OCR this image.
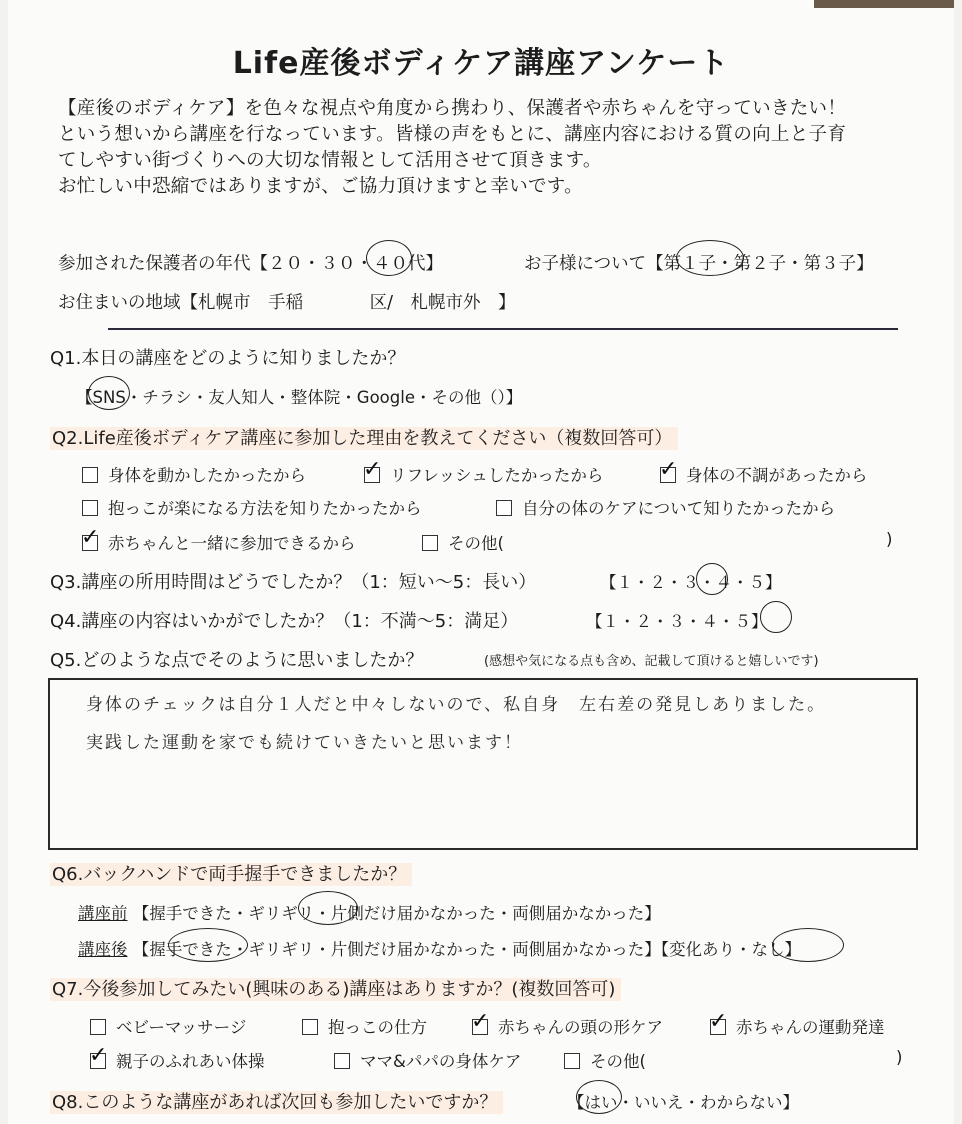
Life産後ボディケア講座アンケート
【産後のボディケア】を色々な視点や角度から携わり、保護者や赤ちゃんを守っていきたい！
という想いから講座を行なっています。皆様の声をもとに、講座内容における質の向上と子育
てしやすい街づくりへの大切な情報として活用させて頂きます。
お忙しい中恐縮ではありますが、ご協力頂けますと幸いです。
参加された保護者の年代【２０・３０・４０代】	お子様について【第１子・第２子・第３子】
お住まいの地域【札幌市 手稲	区/　札幌市外　】
Q1.本日の講座をどのように知りましたか？
【SNS・チラシ・友人知人・整体院・Google・その他（）】
Q2.Life産後ボディケア講座に参加した理由を教えてください（複数回答可）
身体を動かしたかったから	✓ リフレッシュしたかったから	✓ 身体の不調があったから
抱っこが楽になる方法を知りたかったから	自分の体のケアについて知りたかったから
✓ 赤ちゃんと一緒に参加できるから	その他(	)
Q3.講座の所用時間はどうでしたか？（1：短い〜5：長い）	【１・２・３・４・５】
Q4.講座の内容はいかがでしたか？（1：不満〜5：満足）	【１・２・３・４・５】
Q5.どのような点でそのように思いましたか？	(感想や気になる点も含め、記載して頂けると嬉しいです)
身体のチェックは自分１人だと中々しないので、私自身　左右差の発見しありました。
実践した運動を家でも続けていきたいと思います！
Q6.バックハンドで両手握手できましたか？
講座前 【握手できた・ギリギリ・片側だけ届かなかった・両側届かなかった】
講座後 【握手できた・ギリギリ・片側だけ届かなかった・両側届かなかった】【変化あり・なし】
Q7.今後参加してみたい(興味のある)講座はありますか？(複数回答可)
ベビーマッサージ	抱っこの仕方 ✓ 赤ちゃんの頭の形ケア ✓ 赤ちゃんの運動発達
✓ 親子のふれあい体操	ママ&パパの身体ケア	その他(	)
Q8.このような講座があれば次回も参加したいですか？	【はい・いいえ・わからない】
